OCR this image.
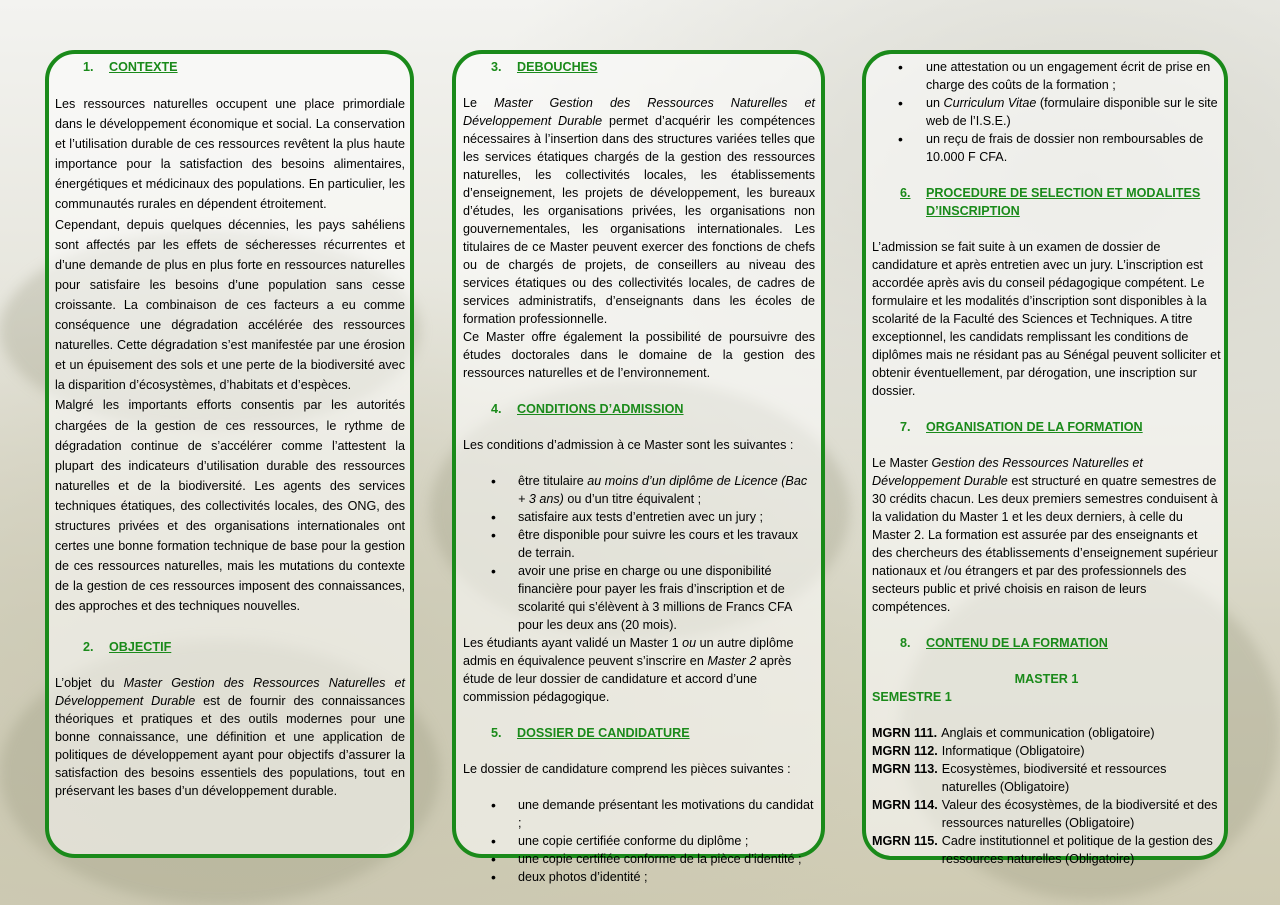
1. CONTEXTE

Les ressources naturelles occupent une place primordiale dans le développement économique et social. La conservation et l’utilisation durable de ces ressources revêtent la plus haute importance pour la satisfaction des besoins alimentaires, énergétiques et médicinaux des populations. En particulier, les communautés rurales en dépendent étroitement.

Cependant, depuis quelques décennies, les pays sahéliens sont affectés par les effets de sécheresses récurrentes et d’une demande de plus en plus forte en ressources naturelles pour satisfaire les besoins d’une population sans cesse croissante. La combinaison de ces facteurs a eu comme conséquence une dégradation accélérée des ressources naturelles. Cette dégradation s’est manifestée par une érosion et un épuisement des sols et une perte de la biodiversité avec la disparition d’écosystèmes, d’habitats et d’espèces.

Malgré les importants efforts consentis par les autorités chargées de la gestion de ces ressources, le rythme de dégradation continue de s’accélérer comme l’attestent la plupart des indicateurs d’utilisation durable des ressources naturelles et de la biodiversité. Les agents des services techniques étatiques, des collectivités locales, des ONG, des structures privées et des organisations internationales ont certes une bonne formation technique de base pour la gestion de ces ressources naturelles, mais les mutations du contexte de la gestion de ces ressources imposent des connaissances, des approches et des techniques nouvelles.

2. OBJECTIF

L’objet du Master Gestion des Ressources Naturelles et Développement Durable est de fournir des connaissances théoriques et pratiques et des outils modernes pour une bonne connaissance, une définition et une application de politiques de développement ayant pour objectifs d’assurer la satisfaction des besoins essentiels des populations, tout en préservant les bases d’un développement durable.

3. DEBOUCHES

Le Master Gestion des Ressources Naturelles et Développement Durable permet d’acquérir les compétences nécessaires à l’insertion dans des structures variées telles que les services étatiques chargés de la gestion des ressources naturelles, les collectivités locales, les établissements d’enseignement, les projets de développement, les bureaux d’études, les organisations privées, les organisations non gouvernementales, les organisations internationales. Les titulaires de ce Master peuvent exercer des fonctions de chefs ou de chargés de projets, de conseillers au niveau des services étatiques ou des collectivités locales, de cadres de services administratifs, d’enseignants dans les écoles de formation professionnelle.

Ce Master offre également la possibilité de poursuivre des études doctorales dans le domaine de la gestion des ressources naturelles et de l’environnement.

4. CONDITIONS D’ADMISSION

Les conditions d’admission à ce Master sont les suivantes :

• être titulaire au moins d’un diplôme de Licence (Bac + 3 ans) ou d’un titre équivalent ;
• satisfaire aux tests d’entretien avec un jury ;
• être disponible pour suivre les cours et les travaux de terrain.
• avoir une prise en charge ou une disponibilité financière pour payer les frais d’inscription et de scolarité qui s’élèvent à 3 millions de Francs CFA pour les deux ans (20 mois).

Les étudiants ayant validé un Master 1 ou un autre diplôme admis en équivalence peuvent s’inscrire en Master 2 après étude de leur dossier de candidature et accord d’une commission pédagogique.

5. DOSSIER DE CANDIDATURE

Le dossier de candidature comprend les pièces suivantes :

• une demande présentant les motivations du candidat ;
• une copie certifiée conforme du diplôme ;
• une copie certifiée conforme de la pièce d’identité ;
• deux photos d’identité ;
• une attestation ou un engagement écrit de prise en charge des coûts de la formation ;
• un Curriculum Vitae (formulaire disponible sur le site web de l’I.S.E.)
• un reçu de frais de dossier non remboursables de 10.000 F CFA.
6.	PROCEDURE DE SELECTION ET MODALITES D’INSCRIPTION

L’admission se fait suite à un examen de dossier de candidature et après entretien avec un jury. L’inscription est accordée après avis du conseil pédagogique compétent. Le formulaire et les modalités d’inscription sont disponibles à la scolarité de la Faculté des Sciences et Techniques. A titre exceptionnel, les candidats remplissant les conditions de diplômes mais ne résidant pas au Sénégal peuvent solliciter et obtenir éventuellement, par dérogation, une inscription sur dossier.

7. ORGANISATION DE LA FORMATION

Le Master Gestion des Ressources Naturelles et Développement Durable est structuré en quatre semestres de 30 crédits chacun. Les deux premiers semestres conduisent à la validation du Master 1 et les deux derniers, à celle du Master 2. La formation est assurée par des enseignants et des chercheurs des établissements d’enseignement supérieur nationaux et /ou étrangers et par des professionnels des secteurs public et privé choisis en raison de leurs compétences.

8. CONTENU DE LA FORMATION

MASTER 1

SEMESTRE 1

MGRN 111. Anglais et communication (obligatoire)
MGRN 112. Informatique (Obligatoire)
MGRN 113. Ecosystèmes, biodiversité et ressources naturelles (Obligatoire)
MGRN 114. Valeur des écosystèmes, de la biodiversité et des ressources naturelles (Obligatoire)
MGRN 115. Cadre institutionnel et politique de la gestion des ressources naturelles (Obligatoire)
